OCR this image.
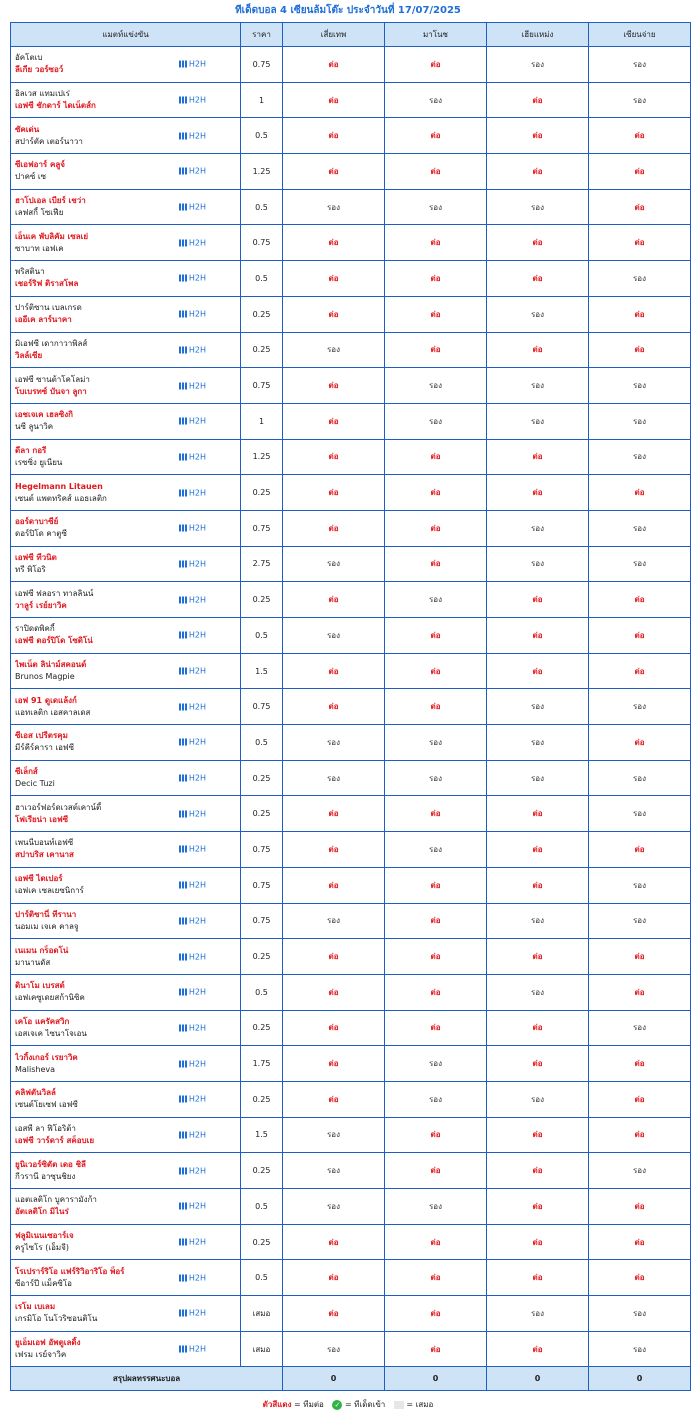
ทีเด็ดบอล 4 เซียนล้มโต๊ะ ประจำวันที่ 17/07/2025
แมตท์แข่งขัน	ราคา	เสี่ยเทพ	มาโนช	เฮียแหม่ง	เซียนจ่าย

อัคโตเบ
ลีเกีย วอร์ซอว์
H2H	0.75	ต่อ	ต่อ	รอง	รอง

อิลเวส แทมเปเร่
เอฟซี ชักดาร์ ไดเน็ตส์ก
H2H	1	ต่อ	รอง	ต่อ	รอง

ซัคเด่น
สปาร์ตัค เตอร์นาวา
H2H	0.5	ต่อ	ต่อ	ต่อ	ต่อ

ซีเอฟอาร์ คลูจ์
ปาคซ์ เซ
H2H	1.25	ต่อ	ต่อ	ต่อ	ต่อ

ฮาโปเอล เบียร์ เชว่า
เลฟสกี้ โซเฟีย
H2H	0.5	รอง	รอง	รอง	ต่อ

เอ็นเค พับลิคัม เซลเย่
ซาบาท เอฟเค
H2H	0.75	ต่อ	ต่อ	ต่อ	ต่อ

พริสตินา
เชอร์ริฟ ติราสโพล
H2H	0.5	ต่อ	ต่อ	ต่อ	รอง

ปาร์ติซาน เบลเกรด
เออีเค ลาร์นาคา
H2H	0.25	ต่อ	ต่อ	รอง	ต่อ

มิเอฟซี เดากาวาพิลส์
วิลล์เซีย
H2H	0.25	รอง	ต่อ	ต่อ	ต่อ

เอฟซี ซานต้าโคโลม่า
โบเบรทซ์ บันจา ลูกา
H2H	0.75	ต่อ	รอง	รอง	รอง

เอชเจเค เฮลซิงกิ
นซี ลูนาวิค
H2H	1	ต่อ	รอง	รอง	รอง

ดีลา กอรี
เรซซิ่ง ยูเนียน
H2H	1.25	ต่อ	ต่อ	ต่อ	รอง

Hegelmann Litauen
เซนต์ แพตทริคส์ แอธเลติก
H2H	0.25	ต่อ	ต่อ	ต่อ	ต่อ

ออร์ดาบาซีย์
ดอร์ปิโด คาตูซี
H2H	0.75	ต่อ	ต่อ	รอง	รอง

เอฟซี ทีวนิต
ทรี พิโอริ
H2H	2.75	รอง	ต่อ	รอง	รอง

เอฟซี ฟลอรา ทาลลินน์
วาลูร์ เรย์ยาวิค
H2H	0.25	ต่อ	รอง	ต่อ	ต่อ

ราปิดดพิคกี้
เอฟซี ตอร์ปิโด โซดิโน่
H2H	0.5	รอง	ต่อ	ต่อ	ต่อ

ไพเน็ต ลิน่าม์สคอนด์
Brunos Magpie
H2H	1.5	ต่อ	ต่อ	ต่อ	ต่อ

เอฟ 91 ดูเดแล้งก์
แอทเลติก เอสคาลเดส
H2H	0.75	ต่อ	ต่อ	รอง	รอง

ซีเอส เปรีตรคุม
มีร์คีร์คารา เอฟซี
H2H	0.5	รอง	รอง	รอง	ต่อ

ซีเล็กส์
Decic Tuzi
H2H	0.25	รอง	รอง	รอง	รอง

ฮาเวอร์ฟอร์ดเวสต์เคาน์ตี้
โฟเรียน่า เอฟซี
H2H	0.25	ต่อ	ต่อ	ต่อ	รอง

เพนนีบอนท์เอฟซี
สปาบริส เคานาส
H2H	0.75	ต่อ	รอง	ต่อ	ต่อ

เอฟซี ไดเปอร์
เอฟเค เซลเยซนิการ์
H2H	0.75	ต่อ	ต่อ	ต่อ	รอง

ปาร์ติซานี่ ทีรานา
นอมเม เจเค คาลจู
H2H	0.75	รอง	ต่อ	รอง	รอง

เนเมน กร็อดโน่
มานานดัส
H2H	0.25	ต่อ	ต่อ	ต่อ	ต่อ

ดินาโม เบรสต์
เอฟเคซูเดยสก้านิซิค
H2H	0.5	ต่อ	ต่อ	รอง	ต่อ

เคโอ แครัคสวิก
เอสเจเค ไซนาโจเอน
H2H	0.25	ต่อ	ต่อ	ต่อ	รอง

ไวกิ้งเกอร์ เรยาวิค
Malisheva
H2H	1.75	ต่อ	รอง	ต่อ	ต่อ

คลิฟตันวิลล์
เซนต์โยเซฟ เอฟซี
H2H	0.25	ต่อ	รอง	รอง	ต่อ

เอสพี ลา ฟิโอริต้า
เอฟซี วาร์ดาร์ สค็อบเย
H2H	1.5	รอง	ต่อ	ต่อ	ต่อ

ยูนิเวอร์ซิตัต เดอ ชิลี
กีวรานี อาซุนชิยง
H2H	0.25	รอง	ต่อ	ต่อ	รอง

แอตเลติโก บูคารามังก้า
อัตเลติโก มิไนร่
H2H	0.5	รอง	รอง	ต่อ	ต่อ

ฟลูมิเนนเซอาร์เจ
ครูไซโร (เอ็มจี)
H2H	0.25	ต่อ	ต่อ	ต่อ	ต่อ

โรเปราร์ริโอ แฟร์ริวิอาริโอ พ็อร์
ซีอาร์ปี แม็คซิโอ
H2H	0.5	ต่อ	ต่อ	ต่อ	ต่อ

เรโม เบเลม
เกรมิโอ โนโวริซอนติโน
H2H	เสมอ	ต่อ	ต่อ	รอง	รอง

ยูเอ็มเอฟ อัพตูเลดิ้ง
เฟรม เรย์จาวิค
H2H	เสมอ	รอง	ต่อ	ต่อ	รอง
สรุปผลทรรศนะบอล		0	0	0	0
ตัวสีแดง = ทีมต่อ ✓ = ทีเด็ดเข้า	= เสมอ
